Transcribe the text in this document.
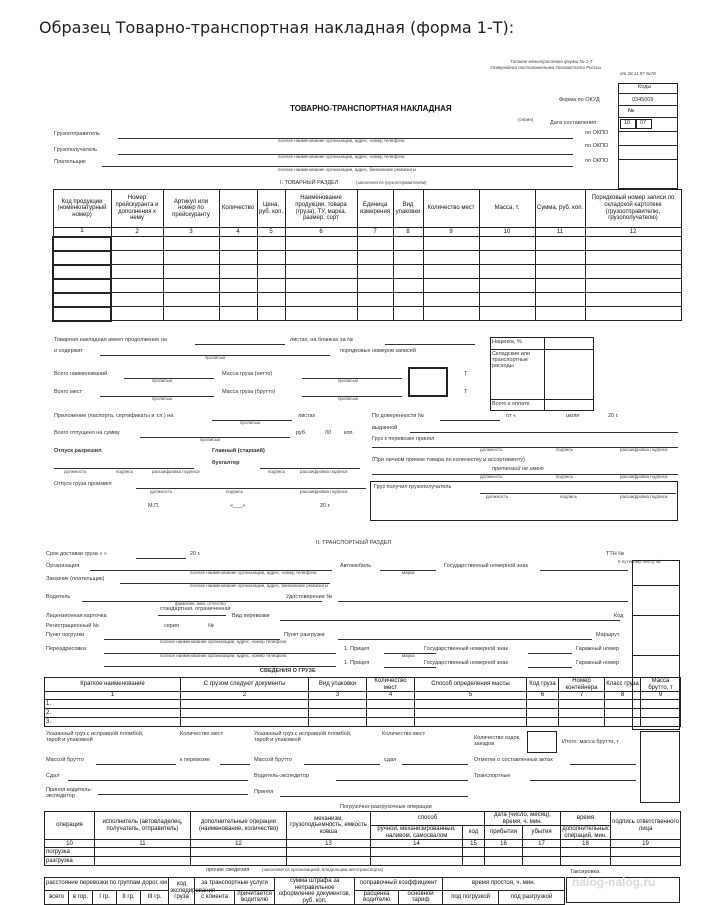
Образец Товарно-транспортная накладная (форма 1-Т):
Типовая межотраслевая форма № 1-Т
Утверждена постановлением Госкомстата России
от 28.11.97 №78
ТОВАРНО-ТРАНСПОРТНАЯ НАКЛАДНАЯ
Коды
Форма по ОКУД	0345009
№
(серия)
Дата составления	10 07
по ОКПО
по ОКПО
по ОКПО
Грузоотправитель
полное наименование организации, адрес, номер телефона
Грузополучатель
полное наименование организации, адрес, номер телефона
Плательщик
полное наименование организации, адрес, банковские реквизиты
I. ТОВАРНЫЙ РАЗДЕЛ	(заполняется грузоотправителем)
Код продукции (номенклатурный номер)	Номер прейскуранта и дополнения к нему	Артикул или номер по прейскуранту	Количество	Цена, руб. коп.	Наименование продукции, товара (груза), ТУ, марка, размер, сорт	Единица измерения	Вид упаковки	Количество мест	Масса, т.	Сумма, руб. коп.	Порядковый номер записи по складской картотеке (грузоотправителю, грузополучателю)
1	2	3	4	5	6	7	8	9	10	11	12

Товарная накладная имеет продолжение на	листах, на бланках за №
и содержит
прописью
порядковых номеров записей
Всего наименований
прописью
Масса груза (нетто)
прописью
Всего мест
прописью
Масса груза (брутто)
прописью
Т
Т
Наценка, %
Складские или транспортные расходы
Всего к оплате
Приложение (паспорта, сертификаты и т.п.) на
прописью
листах
Всего отпущено на сумму
прописью
руб.	00 коп.
Отпуск разрешил	Главный (старший)
бухгалтер
должность	подпись	расшифровка подписи	подпись	расшифровка подписи
Отпуск груза произвел
должность	подпись	расшифровка подписи
М.П.	«___»	20 г.
По доверенности №	от «	июля	20 г.
выданной
Груз к перевозке принял
должность	подпись	расшифровка подписи
(При личном приеме товара по количеству и ассортименту)
претензий не имею
должность	подпись	расшифровка подписи
Груз получил грузополучатель
должность	подпись	расшифровка подписи
II. ТРАНСПОРТНЫЙ РАЗДЕЛ
Срок доставки груза « »	20 г.	ТТН №
К путевому листу №
Организация
полное наименование организации, адрес, номер телефона
Автомобиль
марка
Государственный номерной знак
Заказчик (плательщик)
полное наименование организации, адрес, банковские реквизиты
Водитель
фамилия, имя, отчество
Удостоверение №
Лицензионная карточка
стандартная, ограниченная
Вид перевозки	Код
Регистрационный №	серия	№
Пункт погрузки
полное наименование организации, адрес, номер телефона
Пункт разгрузки	Маршрут
Переадресовка
полное наименование организации, адрес, номер телефона
1. Прицеп
марка
Государственный номерной знак	Гаражный номер
1. Прицеп	Государственный номерной знак	Гаражный номер
СВЕДЕНИЯ О ГРУЗЕ
Краткое наименование	С грузом следуют документы	Вид упаковки	Количество мест	Способ определения массы	Код груза	Номер контейнера	Класс груза	Масса брутто, т
1	2	3	4	5	6	7	8	9
1.								
2.								
3.								
Указанный груз с исправной пломбой, тарой и упаковкой
Количество мест	Указанный груз с исправной пломбой, тарой и упаковкой
Количество мест
Количество ездок, заездов	Итого: масса брутто, т
Массой брутто	к перевозке	Массой брутто	сдал	Отметки о составленных актах
Сдал	Водитель-экспедитор	Транспортные
Принял водитель-экспедитор
Принял
Погрузочно-разгрузочные операции
операция	исполнитель (автовладелец, получатель, отправитель)	дополнительные операции (наименование, количество)	механизм, грузоподъемность, емкость ковша	способ		дата (число, месяц), время, ч. мин.		время	подпись ответственного лица
				ручной, механизированный, наливом, самосвалом	код	прибытия	убытия	дополнительных операций, мин.	
10	11	12	13	14	15	16	17	18	19
погрузка									
разгрузка									
прочие сведения	(заполняется организацией, владельцем автотранспорта)	Таксировка:
расстояние перевозки по группам дорог, км					код экспедирования груза	за транспортные услуги		сумма штрафа за неправильное оформление документов, руб. коп.	поправочный коэффициент		время простоя, ч. мин.	
всего	в гор.	I гр.	II гр.	III гр.		с клиента	причитается водителю		расценка водителю	основной тариф	под погрузкой	под разгрузкой
nalog-nalog.ru
